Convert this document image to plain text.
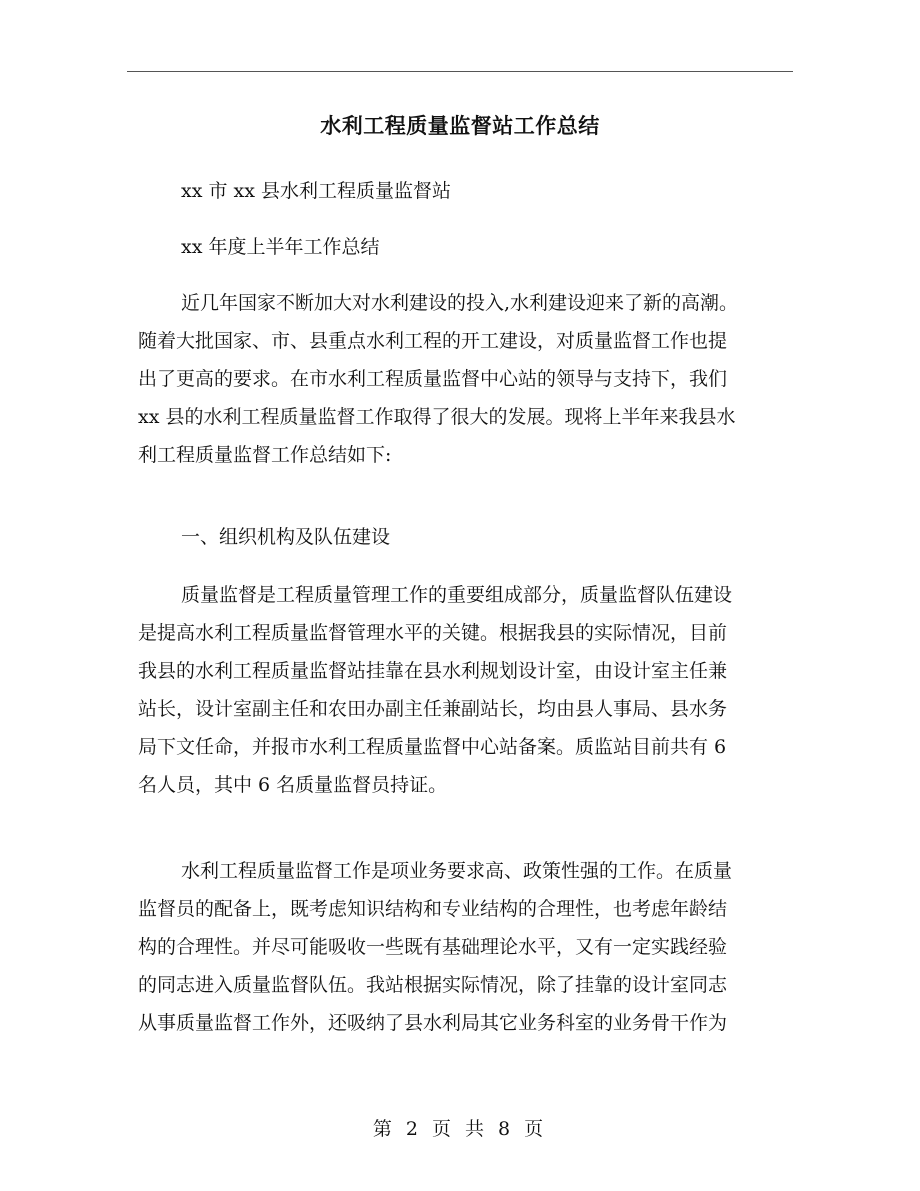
水利工程质量监督站工作总结
xx 市 xx 县水利工程质量监督站
xx 年度上半年工作总结
近几年国家不断加大对水利建设的投入,水利建设迎来了新的高潮。
随着大批国家、市、县重点水利工程的开工建设，对质量监督工作也提
出了更高的要求。在市水利工程质量监督中心站的领导与支持下，我们
xx 县的水利工程质量监督工作取得了很大的发展。现将上半年来我县水
利工程质量监督工作总结如下:
一、组织机构及队伍建设
质量监督是工程质量管理工作的重要组成部分，质量监督队伍建设
是提高水利工程质量监督管理水平的关键。根据我县的实际情况，目前
我县的水利工程质量监督站挂靠在县水利规划设计室，由设计室主任兼
站长，设计室副主任和农田办副主任兼副站长，均由县人事局、县水务
局下文任命，并报市水利工程质量监督中心站备案。质监站目前共有 6
名人员，其中 6 名质量监督员持证。
水利工程质量监督工作是项业务要求高、政策性强的工作。在质量
监督员的配备上，既考虑知识结构和专业结构的合理性，也考虑年龄结
构的合理性。并尽可能吸收一些既有基础理论水平，又有一定实践经验
的同志进入质量监督队伍。我站根据实际情况，除了挂靠的设计室同志
从事质量监督工作外，还吸纳了县水利局其它业务科室的业务骨干作为
第 2 页 共 8 页
